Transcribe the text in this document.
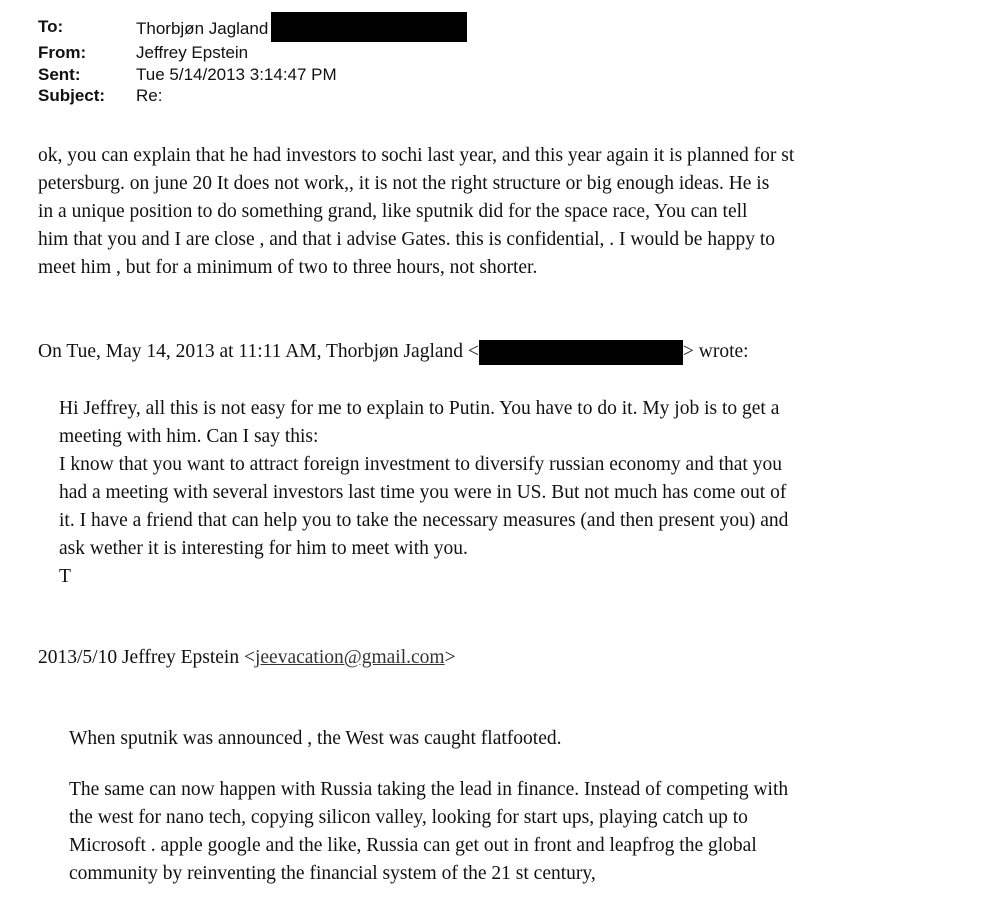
To:	Thorbjøn Jagland
From:	Jeffrey Epstein
Sent:	Tue 5/14/2013 3:14:47 PM
Subject:	Re:
ok, you can explain that he had investors to sochi last year, and this year again it is planned for st
petersburg. on june 20 It does not work,, it is not the right structure or big enough ideas. He is
in a unique position to do something grand, like sputnik did for the space race, You can tell
him that you and I are close , and that i advise Gates. this is confidential, . I would be happy to
meet him , but for a minimum of two to three hours, not shorter.
On Tue, May 14, 2013 at 11:11 AM, Thorbjøn Jagland <	> wrote:
Hi Jeffrey, all this is not easy for me to explain to Putin. You have to do it. My job is to get a
meeting with him. Can I say this:
I know that you want to attract foreign investment to diversify russian economy and that you
had a meeting with several investors last time you were in US. But not much has come out of
it. I have a friend that can help you to take the necessary measures (and then present you) and
ask wether it is interesting for him to meet with you.
T
2013/5/10 Jeffrey Epstein <jeevacation@gmail.com>
When sputnik was announced , the West was caught flatfooted.
The same can now happen with Russia taking the lead in finance. Instead of competing with
the west for nano tech, copying silicon valley, looking for start ups, playing catch up to
Microsoft . apple google and the like, Russia can get out in front and leapfrog the global
community by reinventing the financial system of the 21 st century,
